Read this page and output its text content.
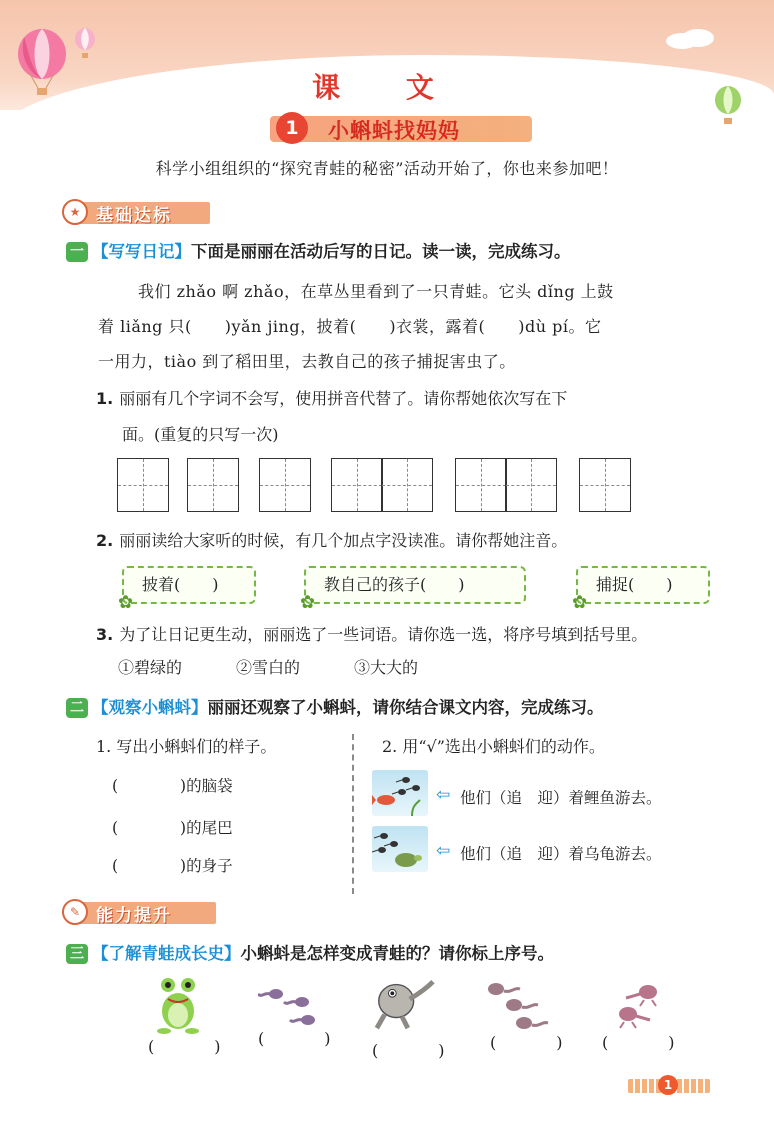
课 文
1	小蝌蚪找妈妈
科学小组组织的“探究青蛙的秘密”活动开始了，你也来参加吧！
★ 基础达标
一 【写写日记】下面是丽丽在活动后写的日记。读一读，完成练习。
我们 zhǎo 啊 zhǎo，在草丛里看到了一只青蛙。它头 dǐng 上鼓
着 liǎng 只(　　)yǎn jing，披着(　　)衣裳，露着(　　)dù pí。它
一用力，tiào 到了稻田里，去教自己的孩子捕捉害虫了。
1. 丽丽有几个字词不会写，使用拼音代替了。请你帮她依次写在下
面。(重复的只写一次)
2. 丽丽读给大家听的时候，有几个加点字没读准。请你帮她注音。
✿
披着(　　)
✿
教自己的孩子(　　)
✿
捕捉(　　)
3. 为了让日记更生动，丽丽选了一些词语。请你选一选，将序号填到括号里。
①碧绿的	②雪白的	③大大的
二 【观察小蝌蚪】丽丽还观察了小蝌蚪，请你结合课文内容，完成练习。
1. 写出小蝌蚪们的样子。
(　　　　)的脑袋
(　　　　)的尾巴
(　　　　)的身子
2. 用“√”选出小蝌蚪们的动作。
⇦ 他们（追　迎）着鲤鱼游去。
⇦ 他们（追　迎）着乌龟游去。
✎ 能力提升
三 【了解青蛙成长史】小蝌蚪是怎样变成青蛙的？请你标上序号。
(　) (　)
(　) (　) (　)
1
